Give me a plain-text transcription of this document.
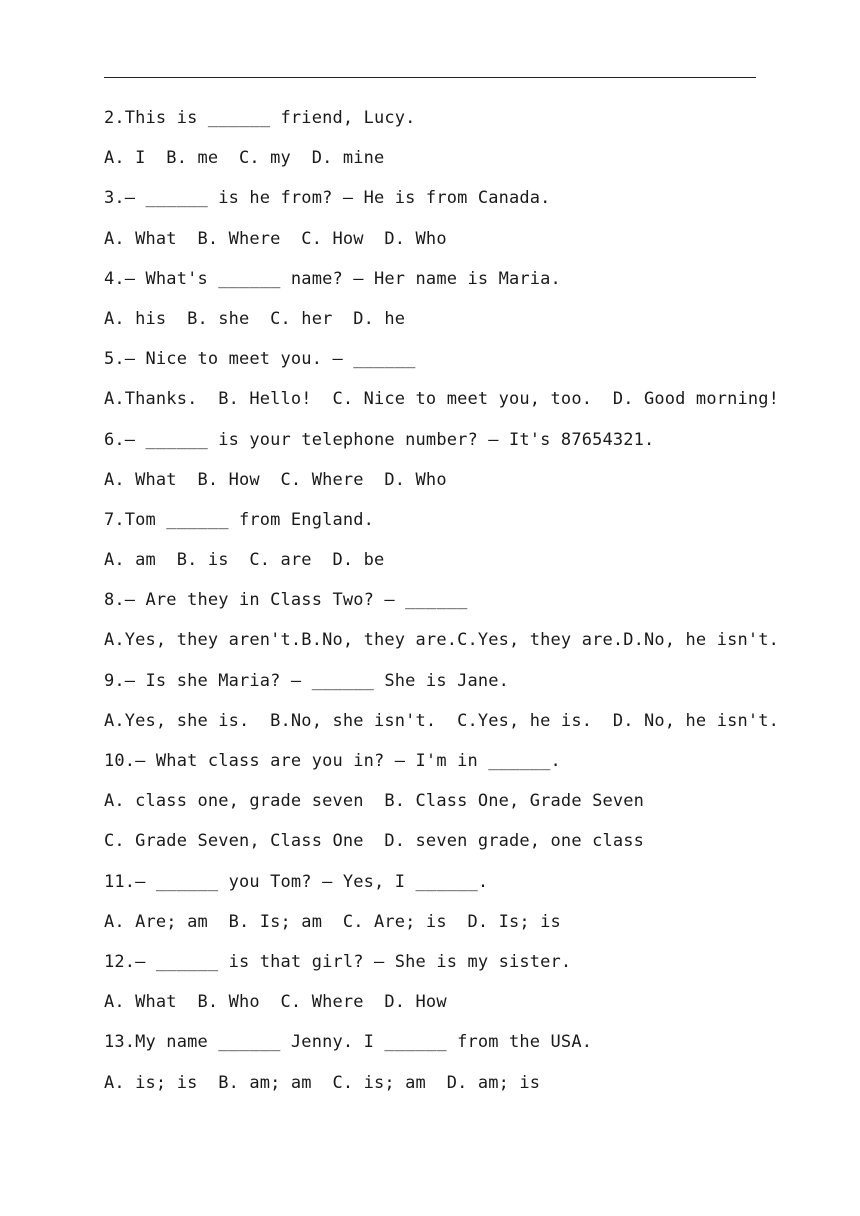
2.This is ______ friend, Lucy.
A. I  B. me  C. my  D. mine
3.— ______ is he from? — He is from Canada.
A. What  B. Where  C. How  D. Who
4.— What's ______ name? — Her name is Maria.
A. his  B. she  C. her  D. he
5.— Nice to meet you. — ______
A.Thanks.  B. Hello!  C. Nice to meet you, too.  D. Good morning!
6.— ______ is your telephone number? — It's 87654321.
A. What  B. How  C. Where  D. Who
7.Tom ______ from England.
A. am  B. is  C. are  D. be
8.— Are they in Class Two? — ______
A.Yes, they aren't.B.No, they are.C.Yes, they are.D.No, he isn't.
9.— Is she Maria? — ______ She is Jane.
A.Yes, she is.  B.No, she isn't.  C.Yes, he is.  D. No, he isn't.
10.— What class are you in? — I'm in ______.
A. class one, grade seven  B. Class One, Grade Seven
C. Grade Seven, Class One  D. seven grade, one class
11.— ______ you Tom? — Yes, I ______.
A. Are; am  B. Is; am  C. Are; is  D. Is; is
12.— ______ is that girl? — She is my sister.
A. What  B. Who  C. Where  D. How
13.My name ______ Jenny. I ______ from the USA.
A. is; is  B. am; am  C. is; am  D. am; is
